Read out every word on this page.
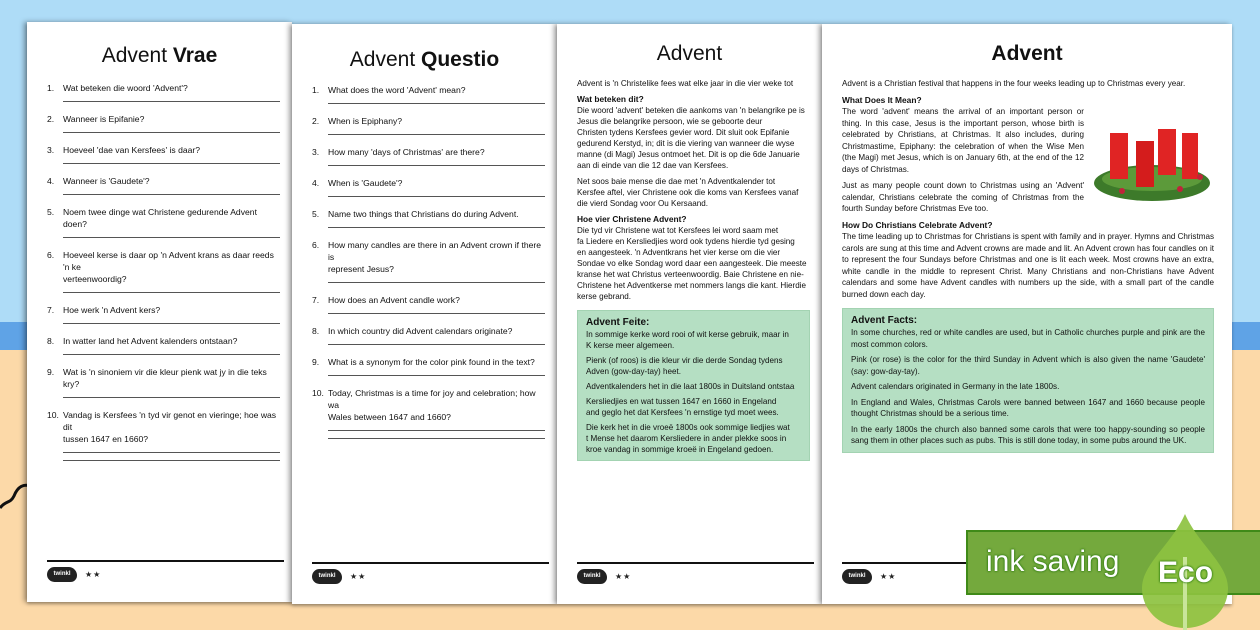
Advent Vrae
1. Wat beteken die woord 'Advent'?
2. Wanneer is Epifanie?
3. Hoeveel 'dae van Kersfees' is daar?
4. Wanneer is 'Gaudete'?
5. Noem twee dinge wat Christene gedurende Advent doen?
6. Hoeveel kerse is daar op 'n Advent krans as daar reeds 'n ke
verteenwoordig?
7. Hoe werk 'n Advent kers?
8. In watter land het Advent kalenders ontstaan?
9. Wat is 'n sinoniem vir die kleur pienk wat jy in die teks kry?
10. Vandag is Kersfees 'n tyd vir genot en vieringe; hoe was dit
tussen 1647 en 1660?
twinkl	★★
Advent Questio
1. What does the word 'Advent' mean?
2. When is Epiphany?
3. How many 'days of Christmas' are there?
4. When is 'Gaudete'?
5. Name two things that Christians do during Advent.
6. How many candles are there in an Advent crown if there is
represent Jesus?
7. How does an Advent candle work?
8. In which country did Advent calendars originate?
9. What is a synonym for the color pink found in the text?
10. Today, Christmas is a time for joy and celebration; how wa
Wales between 1647 and 1660?
twinkl	★★
Advent
Advent is 'n Christelike fees wat elke jaar in die vier weke tot
Wat beteken dit?
Die woord 'advent' beteken die aankoms van 'n belangrike pe is Jesus die belangrike persoon, wie se geboorte deur Christen tydens Kersfees gevier word. Dit sluit ook Epifanie gedurend Kerstyd, in; dit is die viering van wanneer die wyse manne (di Magi) Jesus ontmoet het. Dit is op die 6de Januarie aan di einde van die 12 dae van Kersfees.
Net soos baie mense die dae met 'n Adventkalender tot Kersfee aftel, vier Christene ook die koms van Kersfees vanaf die vierd Sondag voor Ou Kersaand.
Hoe vier Christene Advent?
Die tyd vir Christene wat tot Kersfees lei word saam met fa Liedere en Kersliedjies word ook tydens hierdie tyd gesing en aangesteek. 'n Adventkrans het vier kerse om die vier Sondae vo elke Sondag word daar een aangesteek. Die meeste kranse het wat Christus verteenwoordig. Baie Christene en nie-Christene het Adventkerse met nommers langs die kant. Hierdie kerse gebrand.
Advent Feite:

In sommige kerke word rooi of wit kerse gebruik, maar in K kerse meer algemeen.

Pienk (of roos) is die kleur vir die derde Sondag tydens Adven (gow-day-tay) heet.

Adventkalenders het in die laat 1800s in Duitsland ontstaa

Kersliedjies en wat tussen 1647 en 1660 in Engeland and geglo het dat Kersfees 'n ernstige tyd moet wees.

Die kerk het in die vroeë 1800s ook sommige liedjies wat t Mense het daarom Kersliedere in ander plekke soos in kroe vandag in sommige kroeë in Engeland gedoen.

twinkl	★★
Advent
Advent is a Christian festival that happens in the four weeks leading up to Christmas every year.
What Does It Mean?
The word 'advent' means the arrival of an important person or thing. In this case, Jesus is the important person, whose birth is celebrated by Christians, at Christmas. It also includes, during Christmastime, Epiphany: the celebration of when the Wise Men (the Magi) met Jesus, which is on January 6th, at the end of the 12 days of Christmas.
Just as many people count down to Christmas using an 'Advent' calendar, Christians celebrate the coming of Christmas from the fourth Sunday before Christmas Eve too.
How Do Christians Celebrate Advent?
The time leading up to Christmas for Christians is spent with family and in prayer. Hymns and Christmas carols are sung at this time and Advent crowns are made and lit. An Advent crown has four candles on it to represent the four Sundays before Christmas and one is lit each week. Most crowns have an extra, white candle in the middle to represent Christ. Many Christians and non-Christians have Advent calendars and some have Advent candles with numbers up the side, with a small part of the candle burned down each day.
Advent Facts:

In some churches, red or white candles are used, but in Catholic churches purple and pink are the most common colors.

Pink (or rose) is the color for the third Sunday in Advent which is also given the name 'Gaudete' (say: gow-day-tay).

Advent calendars originated in Germany in the late 1800s.

In England and Wales, Christmas Carols were banned between 1647 and 1660 because people thought Christmas should be a serious time.

In the early 1800s the church also banned some carols that were too happy-sounding so people sang them in other places such as pubs. This is still done today, in some pubs around the UK.

twinkl	★★	ink saving	Eco
